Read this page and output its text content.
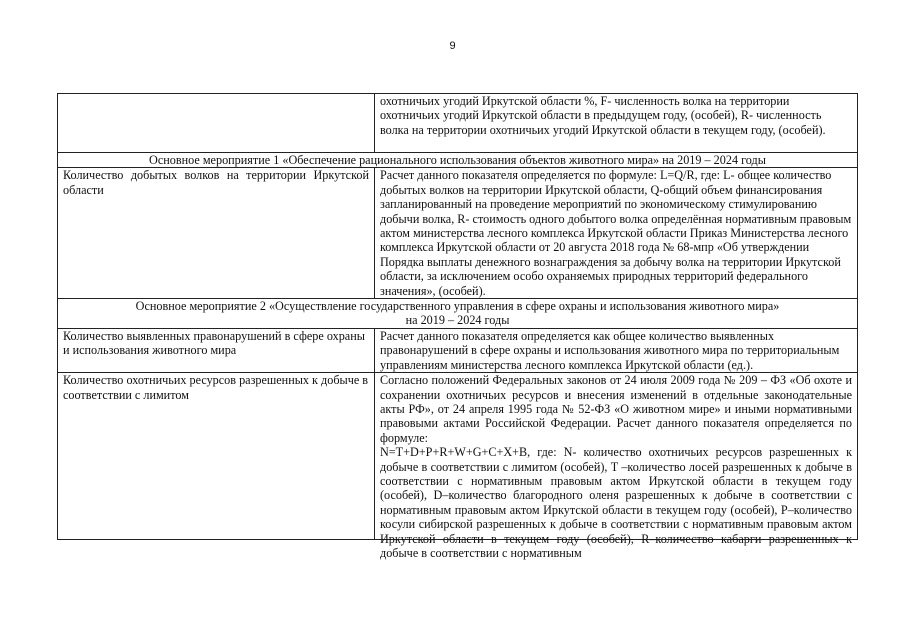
9
	охотничьих угодий Иркутской области %, F- численность волка на территории охотничьих угодий Иркутской области в предыдущем году, (особей), R- численность волка на территории охотничьих угодий Иркутской области в текущем году, (особей).
Основное мероприятие 1 «Обеспечение рационального использования объектов животного мира» на 2019 – 2024 годы	
Количество добытых волков на территории Иркутской области	Расчет данного показателя определяется по формуле: L=Q/R, где: L- общее количество добытых волков на территории Иркутской области, Q-общий объем финансирования запланированный на проведение мероприятий по экономическому стимулированию добычи волка, R- стоимость одного добытого волка определённая нормативным правовым актом министерства лесного комплекса Иркутской области Приказ Министерства лесного комплекса Иркутской области от 20 августа 2018 года № 68-мпр «Об утверждении Порядка выплаты денежного вознаграждения за добычу волка на территории Иркутской области, за исключением особо охраняемых природных территорий федерального значения», (особей).

Основное мероприятие 2 «Осуществление государственного управления в сфере охраны и использования животного мира»
на 2019 – 2024 годы	

Количество выявленных правонарушений в сфере охраны и использования животного мира	Расчет данного показателя определяется как общее количество выявленных правонарушений в сфере охраны и использования животного мира по территориальным управлениям министерства лесного комплекса Иркутской области (ед.).
Количество охотничьих ресурсов разрешенных к добыче в соответствии с лимитом	Согласно положений Федеральных законов от 24 июля 2009 года № 209 – ФЗ «Об охоте и сохранении охотничьих ресурсов и внесения изменений в отдельные законодательные акты РФ», от 24 апреля 1995 года № 52-ФЗ «О животном мире» и иными нормативными правовыми актами Российской Федерации. Расчет данного показателя определяется по формуле:
N=T+D+P+R+W+G+C+X+B, где: N- количество охотничьих ресурсов разрешенных к добыче в соответствии с лимитом (особей), T –количество лосей разрешенных к добыче в соответствии с нормативным правовым актом Иркутской области в текущем году (особей), D–количество благородного оленя разрешенных к добыче в соответствии с нормативным правовым актом Иркутской области в текущем году (особей), P–количество косули сибирской разрешенных к добыче в соответствии с нормативным правовым актом Иркутской области в текущем году (особей), R–количество кабарги разрешенных к добыче в соответствии с нормативным
